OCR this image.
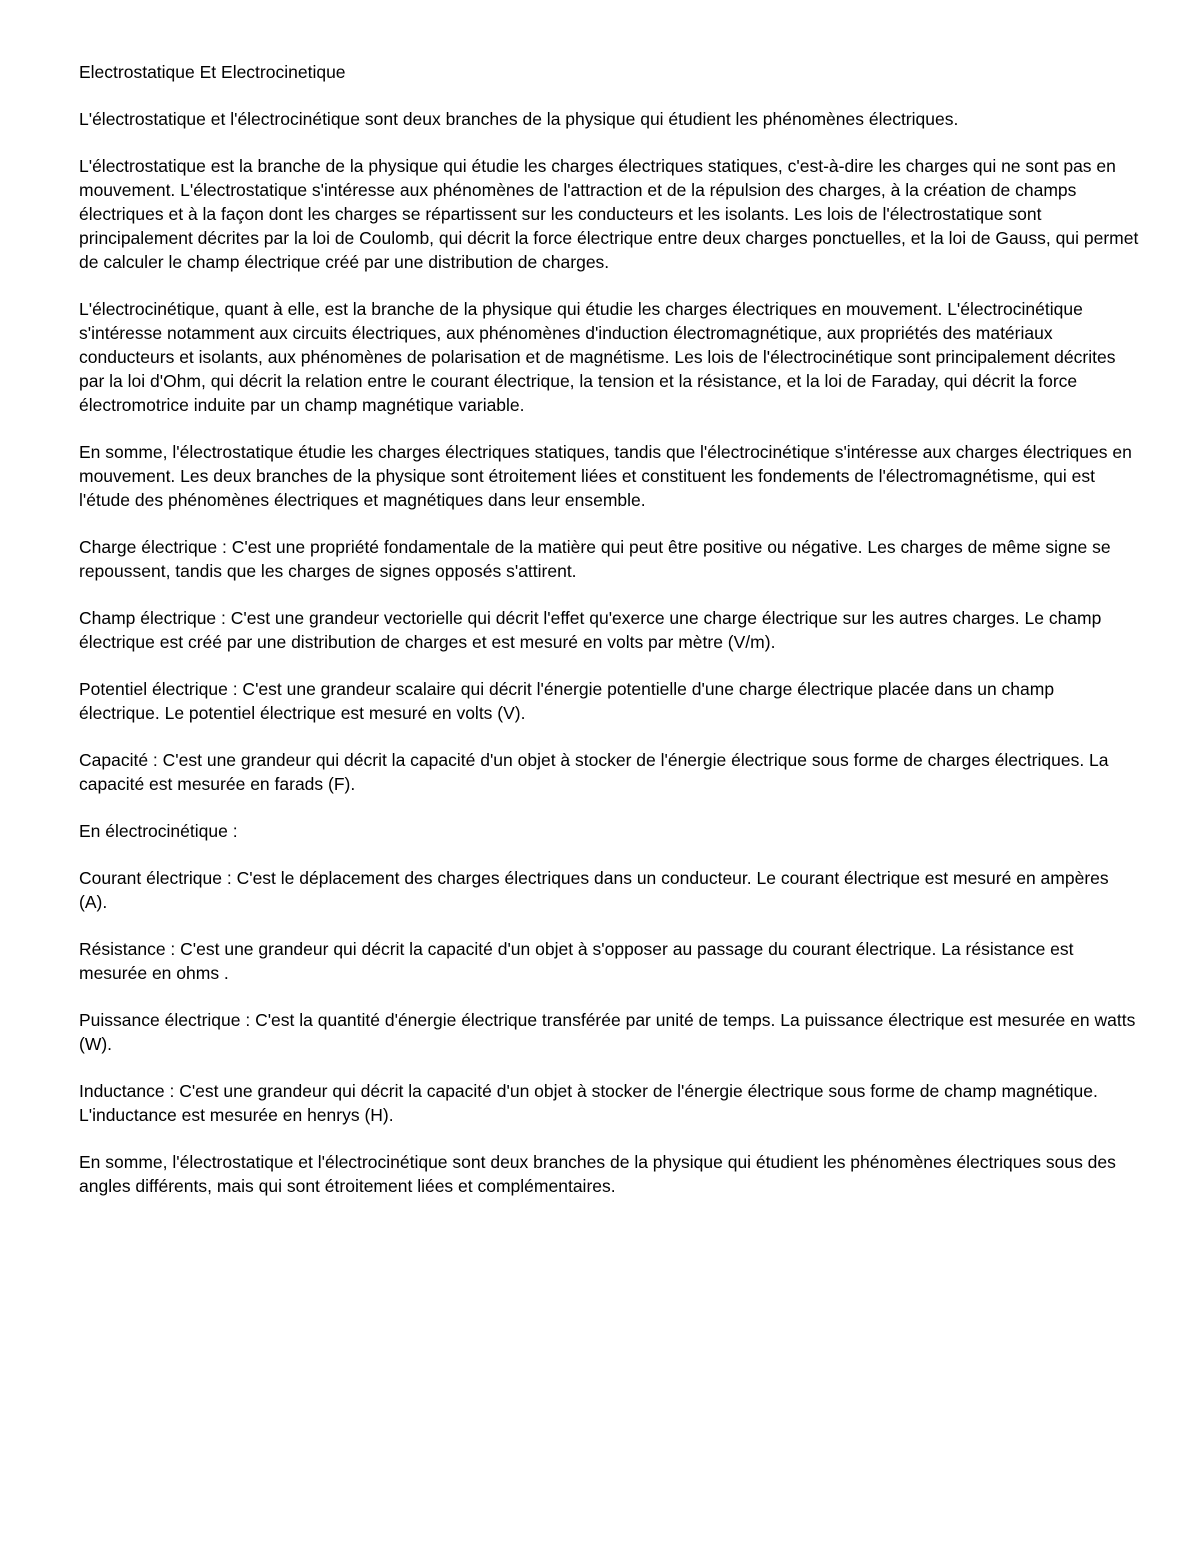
Electrostatique Et Electrocinetique

L'électrostatique et l'électrocinétique sont deux branches de la physique qui étudient les phénomènes électriques.

L'électrostatique est la branche de la physique qui étudie les charges électriques statiques, c'est-à-dire les charges qui ne sont pas en mouvement. L'électrostatique s'intéresse aux phénomènes de l'attraction et de la répulsion des charges, à la création de champs électriques et à la façon dont les charges se répartissent sur les conducteurs et les isolants. Les lois de l'électrostatique sont principalement décrites par la loi de Coulomb, qui décrit la force électrique entre deux charges ponctuelles, et la loi de Gauss, qui permet de calculer le champ électrique créé par une distribution de charges.

L'électrocinétique, quant à elle, est la branche de la physique qui étudie les charges électriques en mouvement. L'électrocinétique s'intéresse notamment aux circuits électriques, aux phénomènes d'induction électromagnétique, aux propriétés des matériaux conducteurs et isolants, aux phénomènes de polarisation et de magnétisme. Les lois de l'électrocinétique sont principalement décrites par la loi d'Ohm, qui décrit la relation entre le courant électrique, la tension et la résistance, et la loi de Faraday, qui décrit la force électromotrice induite par un champ magnétique variable.

En somme, l'électrostatique étudie les charges électriques statiques, tandis que l'électrocinétique s'intéresse aux charges électriques en mouvement. Les deux branches de la physique sont étroitement liées et constituent les fondements de l'électromagnétisme, qui est l'étude des phénomènes électriques et magnétiques dans leur ensemble.

Charge électrique : C'est une propriété fondamentale de la matière qui peut être positive ou négative. Les charges de même signe se repoussent, tandis que les charges de signes opposés s'attirent.

Champ électrique : C'est une grandeur vectorielle qui décrit l'effet qu'exerce une charge électrique sur les autres charges. Le champ électrique est créé par une distribution de charges et est mesuré en volts par mètre (V/m).

Potentiel électrique : C'est une grandeur scalaire qui décrit l'énergie potentielle d'une charge électrique placée dans un champ électrique. Le potentiel électrique est mesuré en volts (V).

Capacité : C'est une grandeur qui décrit la capacité d'un objet à stocker de l'énergie électrique sous forme de charges électriques. La capacité est mesurée en farads (F).

En électrocinétique :

Courant électrique : C'est le déplacement des charges électriques dans un conducteur. Le courant électrique est mesuré en ampères (A).

Résistance : C'est une grandeur qui décrit la capacité d'un objet à s'opposer au passage du courant électrique. La résistance est mesurée en ohms .

Puissance électrique : C'est la quantité d'énergie électrique transférée par unité de temps. La puissance électrique est mesurée en watts (W).

Inductance : C'est une grandeur qui décrit la capacité d'un objet à stocker de l'énergie électrique sous forme de champ magnétique. L'inductance est mesurée en henrys (H).

En somme, l'électrostatique et l'électrocinétique sont deux branches de la physique qui étudient les phénomènes électriques sous des angles différents, mais qui sont étroitement liées et complémentaires.
